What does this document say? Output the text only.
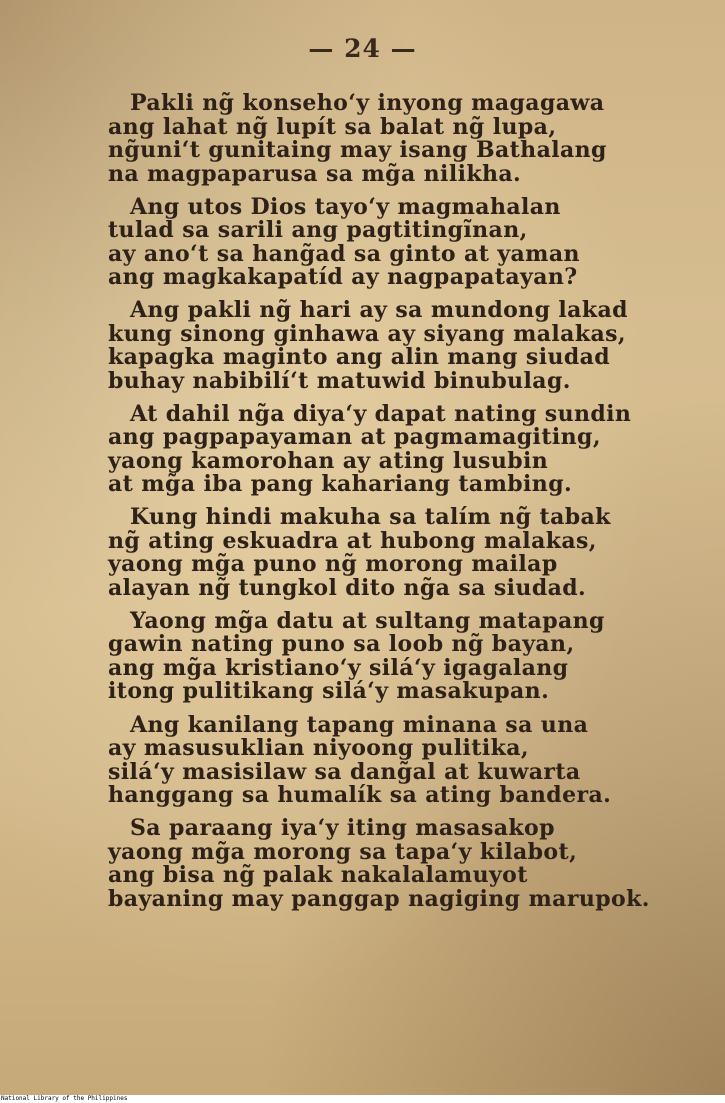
— 24 —

Pakli ng̃ konseho‘y inyong magagawa
ang lahat ng̃ lupít sa balat ng̃ lupa,
ng̃uni‘t gunitaing may isang Bathalang
na magpaparusa sa mg̃a nilikha.

Ang utos Dios tayo‘y magmahalan
tulad sa sarili ang pagtitingĩnan,
ay ano‘t sa hang̃ad sa ginto at yaman
ang magkakapatíd ay nagpapatayan?

Ang pakli ng̃ hari ay sa mundong lakad
kung sinong ginhawa ay siyang malakas,
kapagka maginto ang alin mang siudad
buhay nabibilí‘t matuwid binubulag.

At dahil ng̃a diya‘y dapat nating sundin
ang pagpapayaman at pagmamagiting,
yaong kamorohan ay ating lusubin
at mg̃a iba pang kahariang tambing.

Kung hindi makuha sa talím ng̃ tabak
ng̃ ating eskuadra at hubong malakas,
yaong mg̃a puno ng̃ morong mailap
alayan ng̃ tungkol dito ng̃a sa siudad.

Yaong mg̃a datu at sultang matapang
gawin nating puno sa loob ng̃ bayan,
ang mg̃a kristiano‘y silá‘y igagalang
itong pulitikang silá‘y masakupan.

Ang kanilang tapang minana sa una
ay masusuklian niyoong pulitika,
silá‘y masisilaw sa dang̃al at kuwarta
hanggang sa humalík sa ating bandera.

Sa paraang iya‘y iting masasakop
yaong mg̃a morong sa tapa‘y kilabot,
ang bisa ng̃ palak nakalalamuyot
bayaning may panggap nagiging marupok.

National Library of the Philippines
